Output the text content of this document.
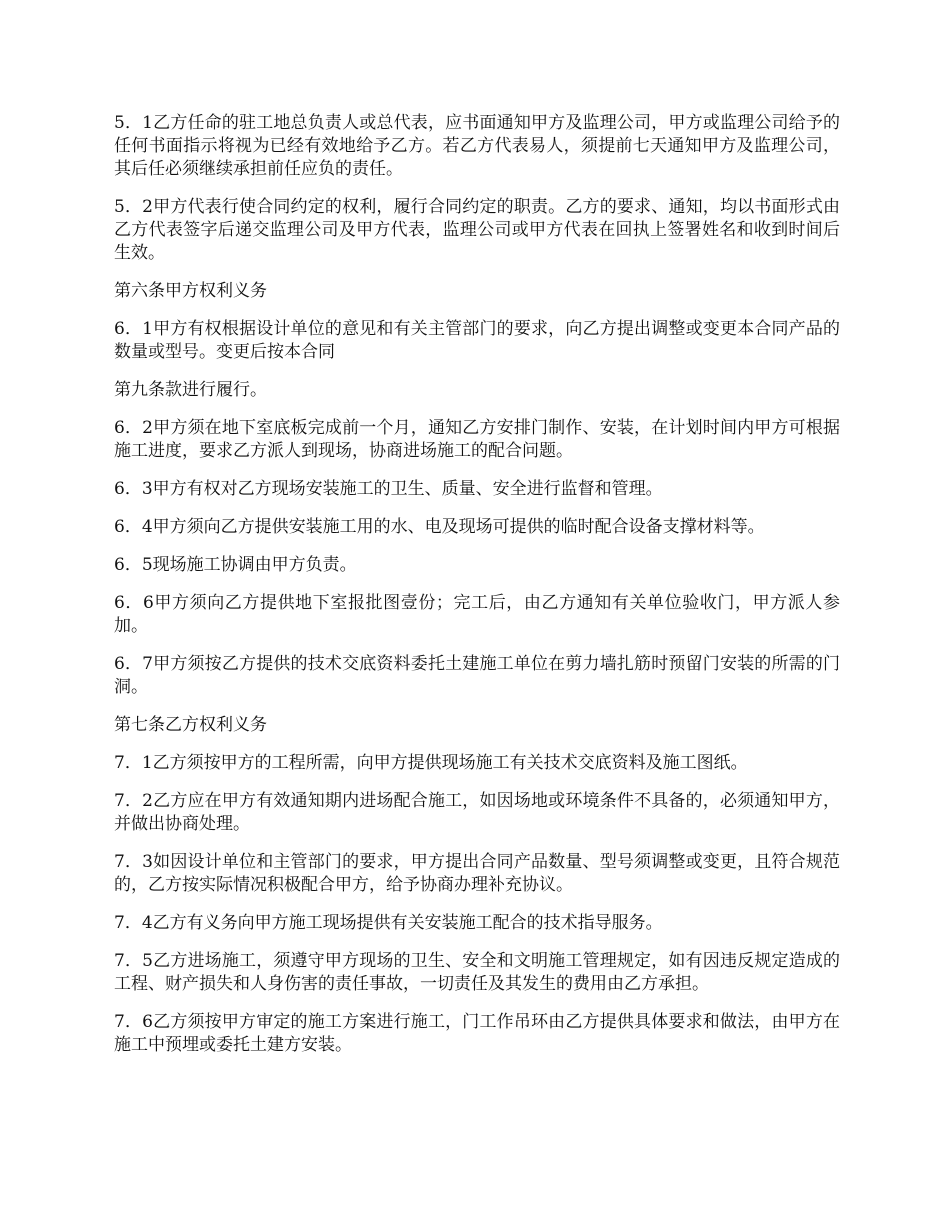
5．1乙方任命的驻工地总负责人或总代表，应书面通知甲方及监理公司，甲方或监理公司给予的任何书面指示将视为已经有效地给予乙方。若乙方代表易人，须提前七天通知甲方及监理公司，其后任必须继续承担前任应负的责任。

5．2甲方代表行使合同约定的权利，履行合同约定的职责。乙方的要求、通知，均以书面形式由乙方代表签字后递交监理公司及甲方代表，监理公司或甲方代表在回执上签署姓名和收到时间后生效。

第六条甲方权利义务

6．1甲方有权根据设计单位的意见和有关主管部门的要求，向乙方提出调整或变更本合同产品的数量或型号。变更后按本合同

第九条款进行履行。

6．2甲方须在地下室底板完成前一个月，通知乙方安排门制作、安装，在计划时间内甲方可根据施工进度，要求乙方派人到现场，协商进场施工的配合问题。

6．3甲方有权对乙方现场安装施工的卫生、质量、安全进行监督和管理。

6．4甲方须向乙方提供安装施工用的水、电及现场可提供的临时配合设备支撑材料等。

6．5现场施工协调由甲方负责。

6．6甲方须向乙方提供地下室报批图壹份；完工后，由乙方通知有关单位验收门，甲方派人参加。

6．7甲方须按乙方提供的技术交底资料委托土建施工单位在剪力墙扎筋时预留门安装的所需的门洞。

第七条乙方权利义务

7．1乙方须按甲方的工程所需，向甲方提供现场施工有关技术交底资料及施工图纸。

7．2乙方应在甲方有效通知期内进场配合施工，如因场地或环境条件不具备的，必须通知甲方，并做出协商处理。

7．3如因设计单位和主管部门的要求，甲方提出合同产品数量、型号须调整或变更，且符合规范的，乙方按实际情况积极配合甲方，给予协商办理补充协议。

7．4乙方有义务向甲方施工现场提供有关安装施工配合的技术指导服务。

7．5乙方进场施工，须遵守甲方现场的卫生、安全和文明施工管理规定，如有因违反规定造成的工程、财产损失和人身伤害的责任事故，一切责任及其发生的费用由乙方承担。

7．6乙方须按甲方审定的施工方案进行施工，门工作吊环由乙方提供具体要求和做法，由甲方在施工中预埋或委托土建方安装。
